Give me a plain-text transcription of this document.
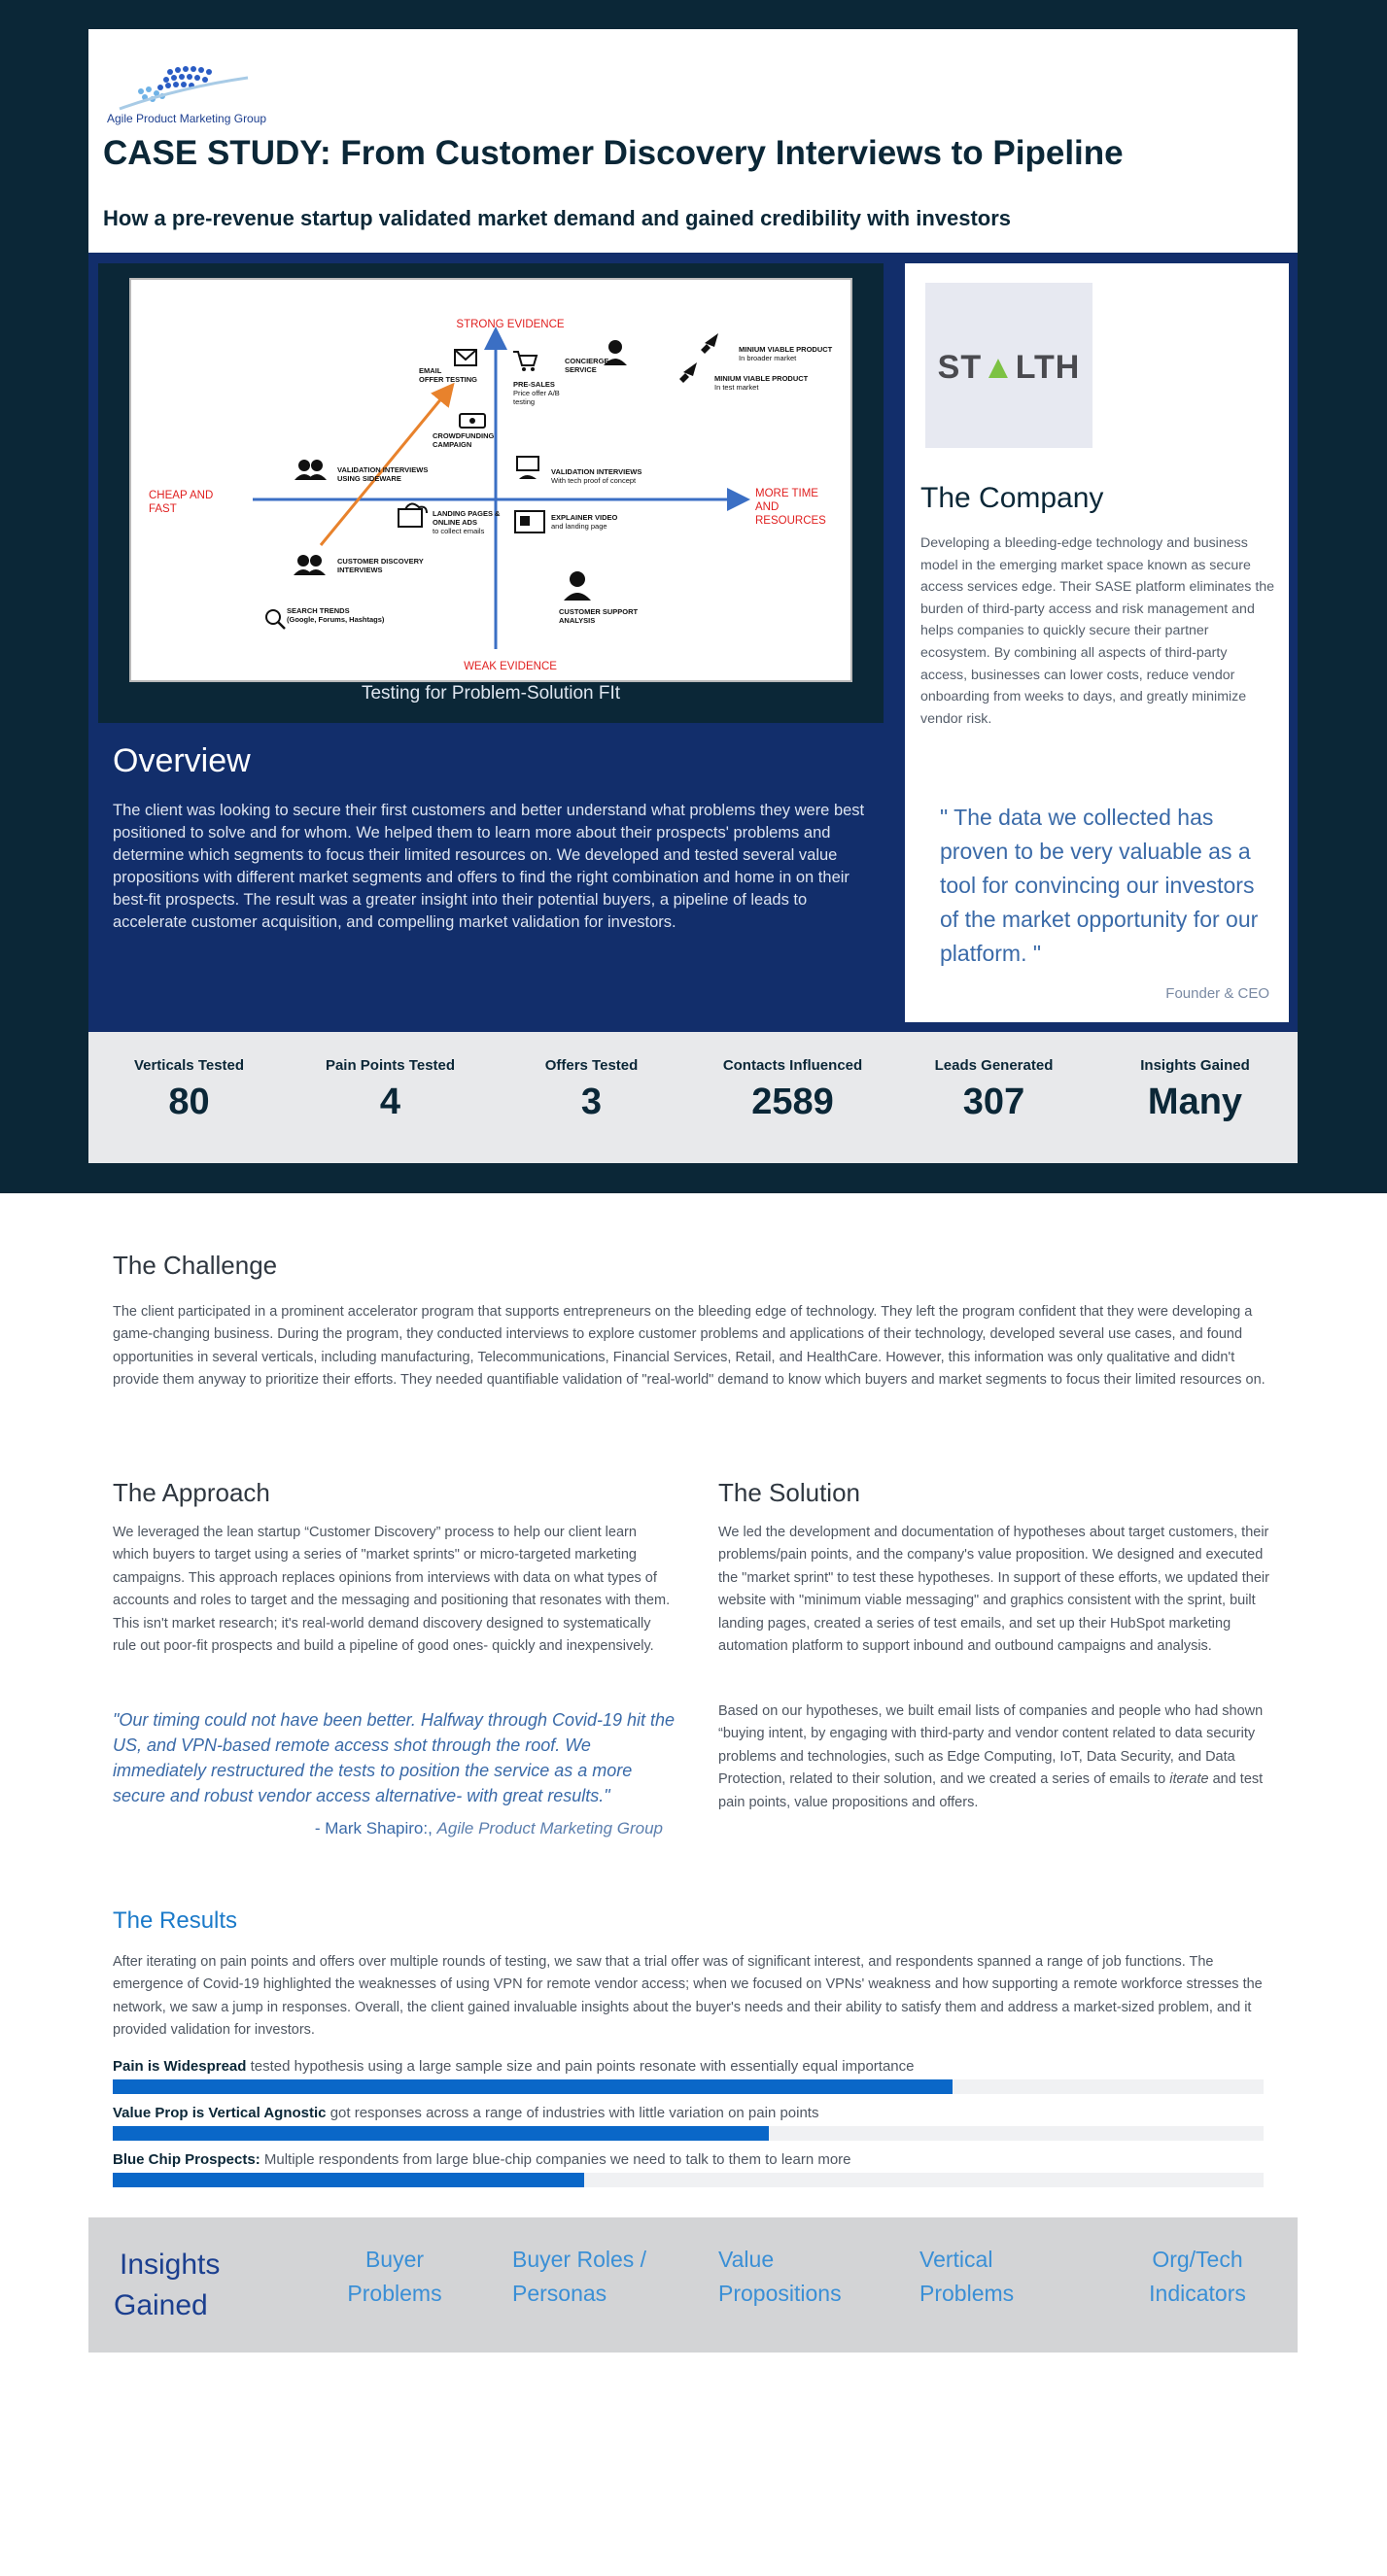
Agile Product Marketing Group
CASE STUDY: From Customer Discovery Interviews to Pipeline
How a pre-revenue startup validated market demand and gained credibility with investors
STRONG EVIDENCE
WEAK EVIDENCE
CHEAP AND FAST
MORE TIME AND RESOURCES
EMAIL OFFER TESTING
PRE-SALES Price offer A/B testing
CONCIERGE SERVICE
MINIUM VIABLE PRODUCT In broader market
MINIUM VIABLE PRODUCT In test market
CROWDFUNDING CAMPAIGN
VALIDATION INTERVIEWS USING SIDEWARE
VALIDATION INTERVIEWS With tech proof of concept
LANDING PAGES & ONLINE ADS to collect emails
EXPLAINER VIDEO and landing page
CUSTOMER DISCOVERY INTERVIEWS
CUSTOMER SUPPORT ANALYSIS
SEARCH TRENDS (Google, Forums, Hashtags)
Testing for Problem-Solution FIt
Overview

The client was looking to secure their first customers and better understand what problems they were best positioned to solve and for whom. We helped them to learn more about their prospects' problems and determine which segments to focus their limited resources on. We developed and tested several value propositions with different market segments and offers to find the right combination and home in on their best-fit prospects. The result was a greater insight into their potential buyers, a pipeline of leads to accelerate customer acquisition, and compelling market validation for investors.

ST▲LTH
The Company

Developing a bleeding-edge technology and business model in the emerging market space known as secure access services edge. Their SASE platform eliminates the burden of third-party access and risk management and helps companies to quickly secure their partner ecosystem. By combining all aspects of third-party access, businesses can lower costs, reduce vendor onboarding from weeks to days, and greatly minimize vendor risk.

" The data we collected has proven to be very valuable as a tool for convincing our investors of the market opportunity for our platform. "

Founder & CEO
Verticals Tested
80
Pain Points Tested
4
Offers Tested
3
Contacts Influenced
2589
Leads Generated
307
Insights Gained
Many
The Challenge

The client participated in a prominent accelerator program that supports entrepreneurs on the bleeding edge of technology. They left the program confident that they were developing a game-changing business. During the program, they conducted interviews to explore customer problems and applications of their technology, developed several use cases, and found opportunities in several verticals, including manufacturing, Telecommunications, Financial Services, Retail, and HealthCare. However, this information was only qualitative and didn't provide them anyway to prioritize their efforts. They needed quantifiable validation of "real-world" demand to know which buyers and market segments to focus their limited resources on.

The Approach

We leveraged the lean startup “Customer Discovery” process to help our client learn which buyers to target using a series of "market sprints" or micro-targeted marketing campaigns. This approach replaces opinions from interviews with data on what types of accounts and roles to target and the messaging and positioning that resonates with them. This isn't market research; it's real-world demand discovery designed to systematically rule out poor-fit prospects and build a pipeline of good ones- quickly and inexpensively.

"Our timing could not have been better. Halfway through Covid-19 hit the US, and VPN-based remote access shot through the roof. We immediately restructured the tests to position the service as a more secure and robust vendor access alternative- with great results."

- Mark Shapiro:, Agile Product Marketing Group
The Solution

We led the development and documentation of hypotheses about target customers, their problems/pain points, and the company's value proposition. We designed and executed the "market sprint" to test these hypotheses. In support of these efforts, we updated their website with "minimum viable messaging" and graphics consistent with the sprint, built landing pages, created a series of test emails, and set up their HubSpot marketing automation platform to support inbound and outbound campaigns and analysis.

Based on our hypotheses, we built email lists of companies and people who had shown “buying intent, by engaging with third-party and vendor content related to data security problems and technologies, such as Edge Computing, IoT, Data Security, and Data Protection, related to their solution, and we created a series of emails to iterate and test pain points, value propositions and offers.

The Results

After iterating on pain points and offers over multiple rounds of testing, we saw that a trial offer was of significant interest, and respondents spanned a range of job functions. The emergence of Covid-19 highlighted the weaknesses of using VPN for remote vendor access; when we focused on VPNs' weakness and how supporting a remote workforce stresses the network, we saw a jump in responses. Overall, the client gained invaluable insights about the buyer's needs and their ability to satisfy them and address a market-sized problem, and it provided validation for investors.

Pain is Widespread tested hypothesis using a large sample size and pain points resonate with essentially equal importance
Value Prop is Vertical Agnostic got responses across a range of industries with little variation on pain points
Blue Chip Prospects: Multiple respondents from large blue-chip companies we need to talk to them to learn more
Insights
Gained
Buyer
Problems
Buyer Roles /
Personas
Value
Propositions
Vertical
Problems
Org/Tech
Indicators
